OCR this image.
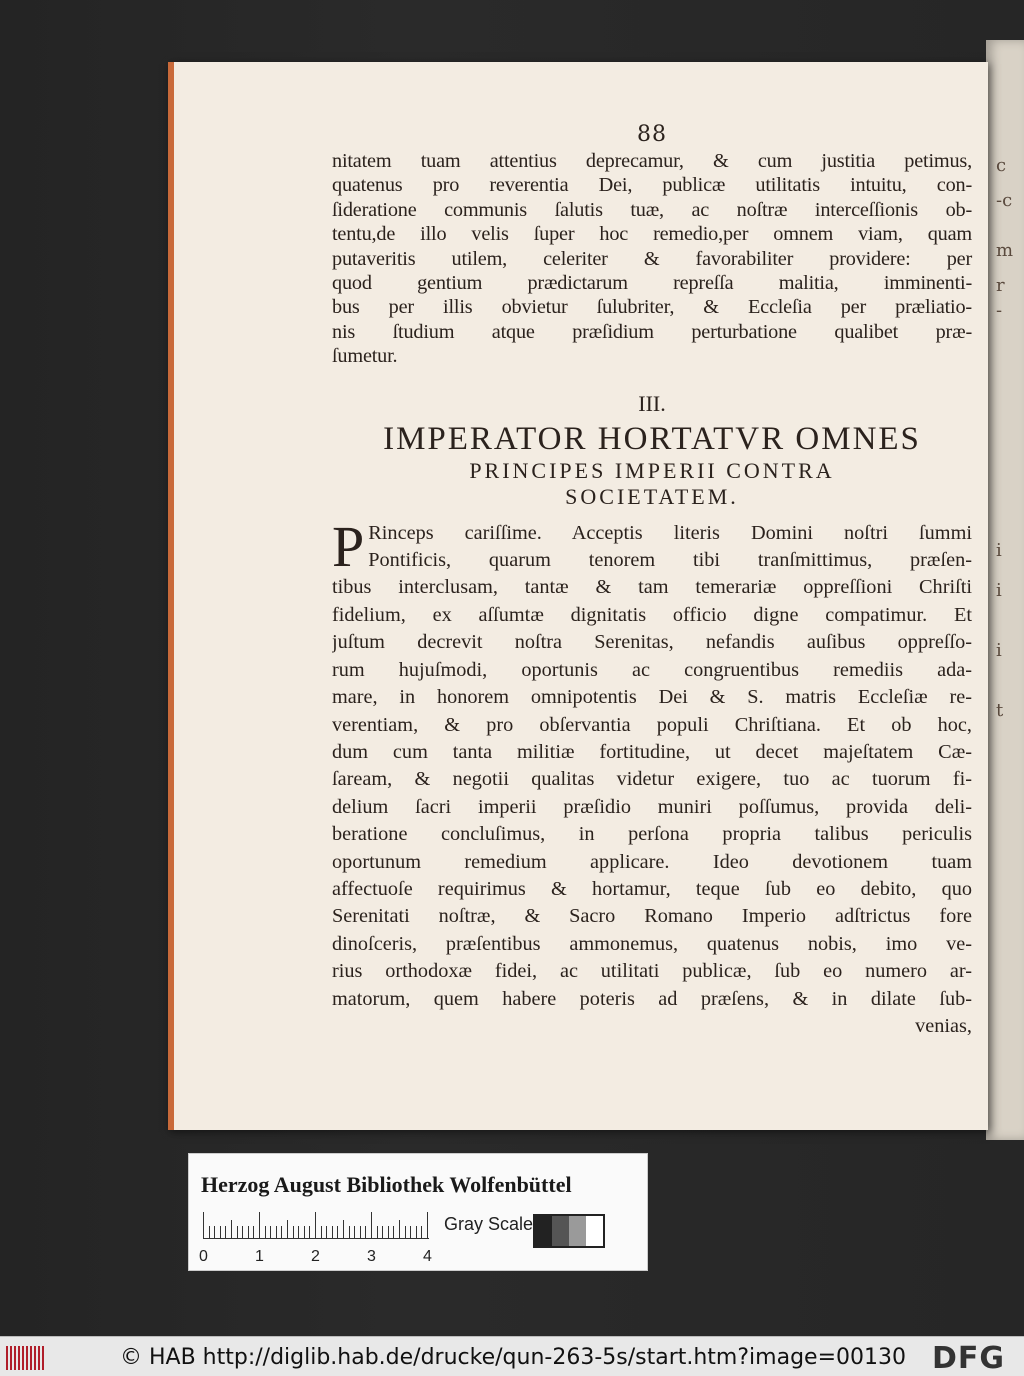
c
-c
m
r
-
i
i
i
t
88

nitatem tuam attentius deprecamur, & cum justitia petimus,

quatenus pro reverentia Dei, publicæ utilitatis intuitu, con-

ſideratione communis ſalutis tuæ, ac noſtræ interceſſionis ob-

tentu,de illo velis ſuper hoc remedio,per omnem viam, quam

putaveritis utilem, celeriter & favorabiliter providere: per

quod gentium prædictarum repreſſa malitia, imminenti-

bus per illis obvietur ſulubriter, & Eccleſia per præliatio-

nis ſtudium atque præſidium perturbatione qualibet præ-

ſumetur.

III.
IMPERATOR HORTATVR OMNES
PRINCIPES IMPERII CONTRA
SOCIETATEM.
P Rinceps cariſſime. Acceptis literis Domini noſtri ſummi
Pontificis, quarum tenorem tibi tranſmittimus, præſen-
tibus interclusam, tantæ & tam temerariæ oppreſſioni Chriſti
fidelium, ex aſſumtæ dignitatis officio digne compatimur. Et
juſtum decrevit noſtra Serenitas, nefandis auſibus oppreſſo-
rum hujuſmodi, oportunis ac congruentibus remediis ada-
mare, in honorem omnipotentis Dei & S. matris Eccleſiæ re-
verentiam, & pro obſervantia populi Chriſtiana. Et ob hoc,
dum cum tanta militiæ fortitudine, ut decet majeſtatem Cæ-
ſaream, & negotii qualitas videtur exigere, tuo ac tuorum fi-
delium ſacri imperii præſidio muniri poſſumus, provida deli-
beratione concluſimus, in perſona propria talibus periculis
oportunum remedium applicare. Ideo devotionem tuam
affectuoſe requirimus & hortamur, teque ſub eo debito, quo
Serenitati noſtræ, & Sacro Romano Imperio adſtrictus fore
dinoſceris, præſentibus ammonemus, quatenus nobis, imo ve-
rius orthodoxæ fidei, ac utilitati publicæ, ſub eo numero ar-
matorum, quem habere poteris ad præſens, & in dilate ſub-
venias,
Herzog August Bibliothek Wolfenbüttel
0	1	2	3	4
Gray Scale
© HAB http://diglib.hab.de/drucke/qun-263-5s/start.htm?image=00130 DFG
